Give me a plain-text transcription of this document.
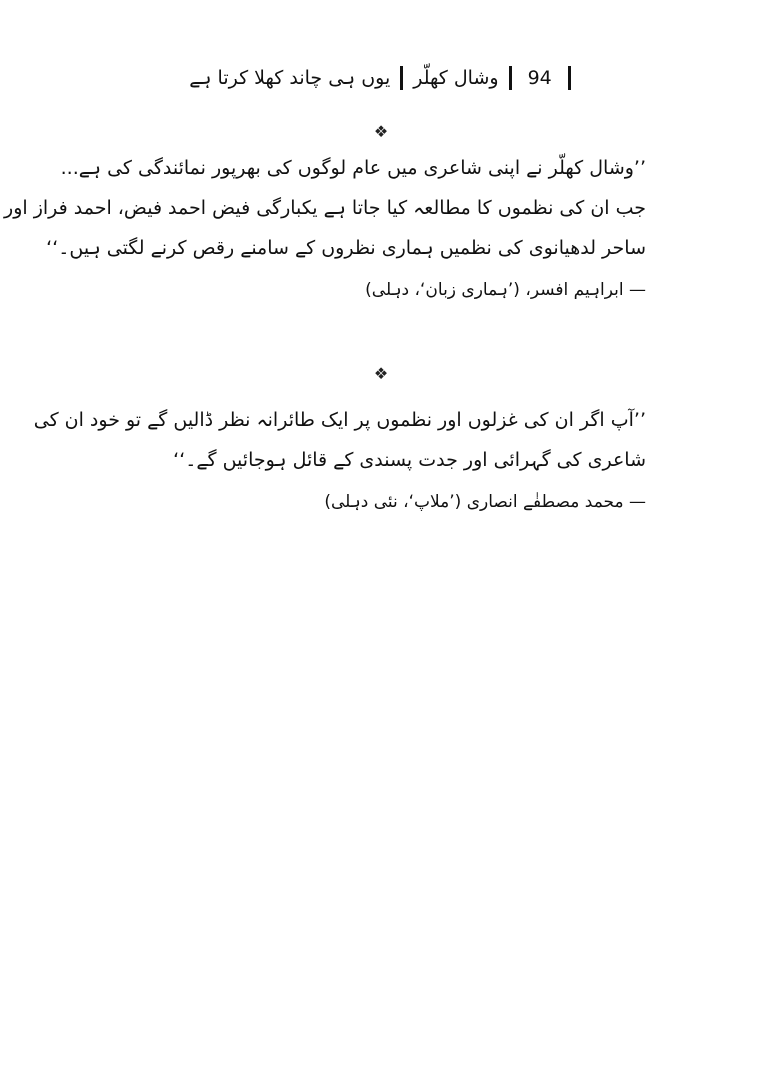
یوں ہی چاند کھلا کرتا ہے وشال کھلّر	94
❖
’’وشال کھلّر نے اپنی شاعری میں عام لوگوں کی بھرپور نمائندگی کی ہے...
جب ان کی نظموں کا مطالعہ کیا جاتا ہے یکبارگی فیض احمد فیض، احمد فراز اور
ساحر لدھیانوی کی نظمیں ہماری نظروں کے سامنے رقص کرنے لگتی ہیں۔‘‘
— ابراہیم افسر، (’ہماری زبان‘، دہلی)
❖
’’آپ اگر ان کی غزلوں اور نظموں پر ایک طائرانہ نظر ڈالیں گے تو خود ان کی
شاعری کی گہرائی اور جدت پسندی کے قائل ہوجائیں گے۔‘‘
— محمد مصطفٰے انصاری (’ملاپ‘، نئی دہلی)
